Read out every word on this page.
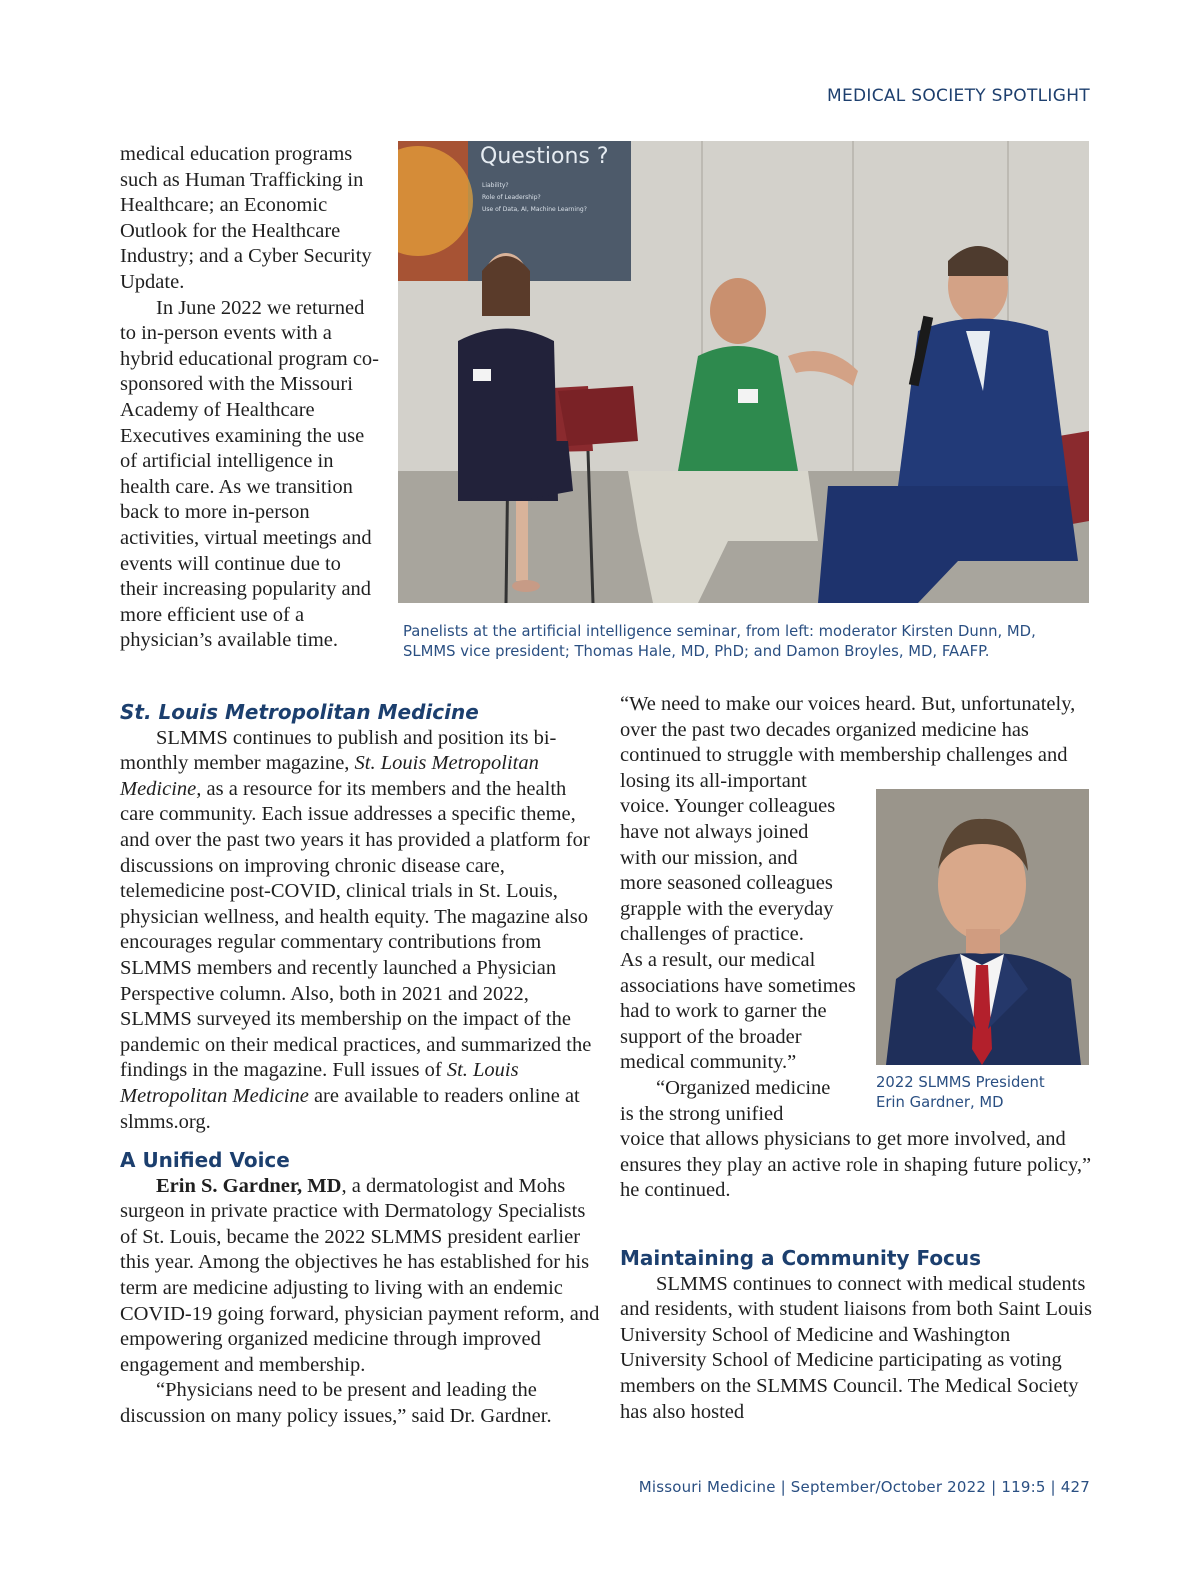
MEDICAL SOCIETY SPOTLIGHT

medical education programs such as Human Trafficking in Healthcare; an Economic Outlook for the Healthcare Industry; and a Cyber Security Update.

In June 2022 we returned to in-person events with a hybrid educational program co-sponsored with the Missouri Academy of Healthcare Executives examining the use of artificial intelligence in health care. As we transition back to more in-person activities, virtual meetings and events will continue due to their increasing popularity and more efficient use of a physician’s available time.

Questions ?
Liability?
Role of Leadership?
Use of Data, AI, Machine Learning?
Panelists at the artificial intelligence seminar, from left: moderator Kirsten Dunn, MD, SLMMS vice president; Thomas Hale, MD, PhD; and Damon Broyles, MD, FAAFP.
St. Louis Metropolitan Medicine

SLMMS continues to publish and position its bi-monthly member magazine, St. Louis Metropolitan Medicine, as a resource for its members and the health care community. Each issue addresses a specific theme, and over the past two years it has provided a platform for discussions on improving chronic disease care, telemedicine post-COVID, clinical trials in St. Louis, physician wellness, and health equity. The magazine also encourages regular commentary contributions from SLMMS members and recently launched a Physician Perspective column. Also, both in 2021 and 2022, SLMMS surveyed its membership on the impact of the pandemic on their medical practices, and summarized the findings in the magazine. Full issues of St. Louis Metropolitan Medicine are available to readers online at slmms.org.

A Unified Voice

Erin S. Gardner, MD, a dermatologist and Mohs surgeon in private practice with Dermatology Specialists of St. Louis, became the 2022 SLMMS president earlier this year. Among the objectives he has established for his term are medicine adjusting to living with an endemic COVID-19 going forward, physician payment reform, and empowering organized medicine through improved engagement and membership.

“Physicians need to be present and leading the discussion on many policy issues,” said Dr. Gardner.

“We need to make our voices heard. But, unfortunately, over the past two decades organized medicine has continued to struggle with membership challenges and

losing its all-important
voice. Younger colleagues
have not always joined
with our mission, and
more seasoned colleagues
grapple with the everyday
challenges of practice.
As a result, our medical
associations have sometimes
had to work to garner the
support of the broader
medical community.”
“Organized medicine
is the strong unified

voice that allows physicians to get more involved, and ensures they play an active role in shaping future policy,” he continued.

2022 SLMMS President
Erin Gardner, MD
Maintaining a Community Focus

SLMMS continues to connect with medical students and residents, with student liaisons from both Saint Louis University School of Medicine and Washington University School of Medicine participating as voting members on the SLMMS Council. The Medical Society has also hosted

Missouri Medicine | September/October 2022 | 119:5 | 427
